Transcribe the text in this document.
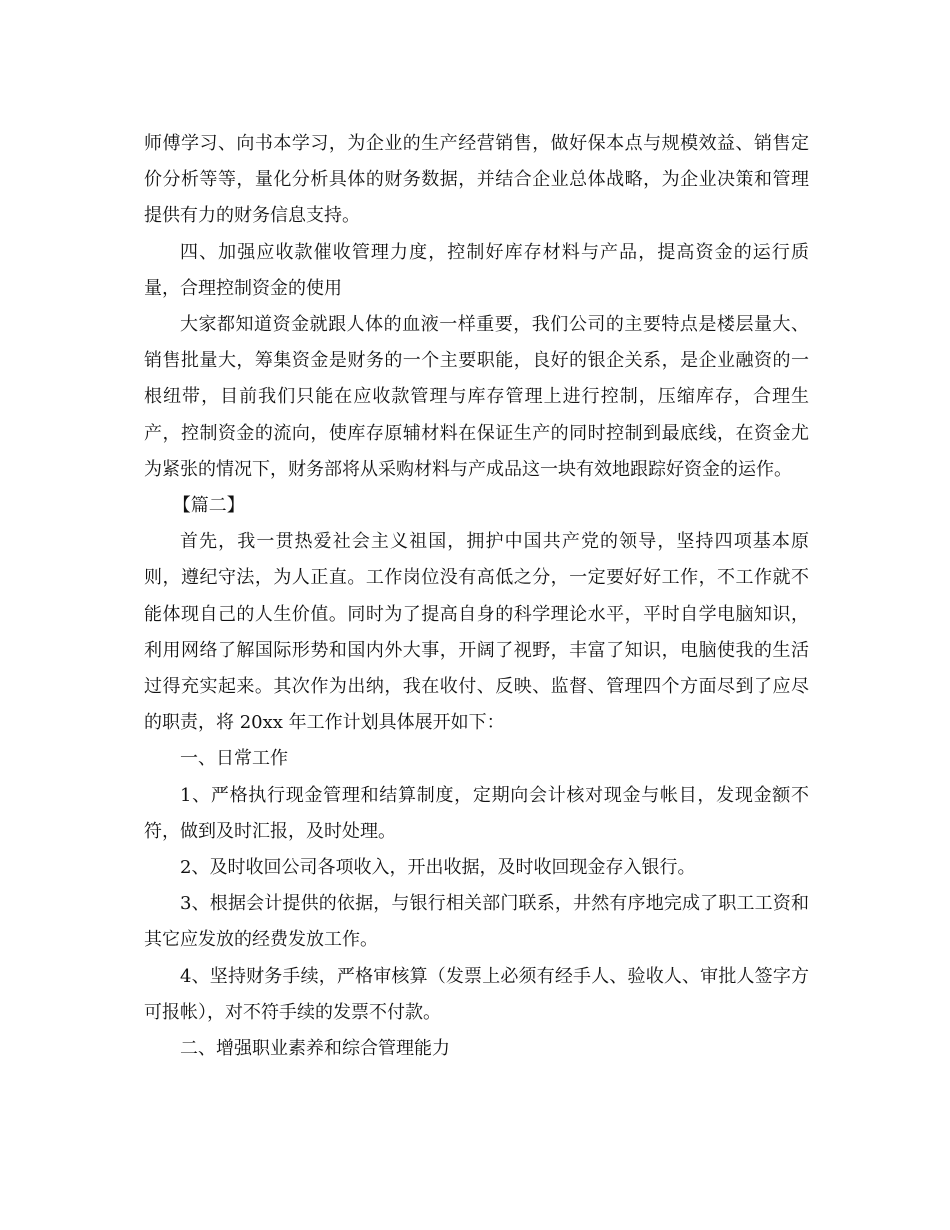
师傅学习、向书本学习，为企业的生产经营销售，做好保本点与规模效益、销售定价分析等等，量化分析具体的财务数据，并结合企业总体战略，为企业决策和管理提供有力的财务信息支持。

四、加强应收款催收管理力度，控制好库存材料与产品，提高资金的运行质量，合理控制资金的使用

大家都知道资金就跟人体的血液一样重要，我们公司的主要特点是楼层量大、销售批量大，筹集资金是财务的一个主要职能，良好的银企关系，是企业融资的一根纽带，目前我们只能在应收款管理与库存管理上进行控制，压缩库存，合理生产，控制资金的流向，使库存原辅材料在保证生产的同时控制到最底线，在资金尤为紧张的情况下，财务部将从采购材料与产成品这一块有效地跟踪好资金的运作。

【篇二】

首先，我一贯热爱社会主义祖国，拥护中国共产党的领导，坚持四项基本原则，遵纪守法，为人正直。工作岗位没有高低之分，一定要好好工作，不工作就不能体现自己的人生价值。同时为了提高自身的科学理论水平，平时自学电脑知识，利用网络了解国际形势和国内外大事，开阔了视野，丰富了知识，电脑使我的生活过得充实起来。其次作为出纳，我在收付、反映、监督、管理四个方面尽到了应尽的职责，将 20xx 年工作计划具体展开如下：

一、日常工作

1、严格执行现金管理和结算制度，定期向会计核对现金与帐目，发现金额不符，做到及时汇报，及时处理。

2、及时收回公司各项收入，开出收据，及时收回现金存入银行。

3、根据会计提供的依据，与银行相关部门联系，井然有序地完成了职工工资和其它应发放的经费发放工作。

4、坚持财务手续，严格审核算（发票上必须有经手人、验收人、审批人签字方可报帐），对不符手续的发票不付款。

二、增强职业素养和综合管理能力
